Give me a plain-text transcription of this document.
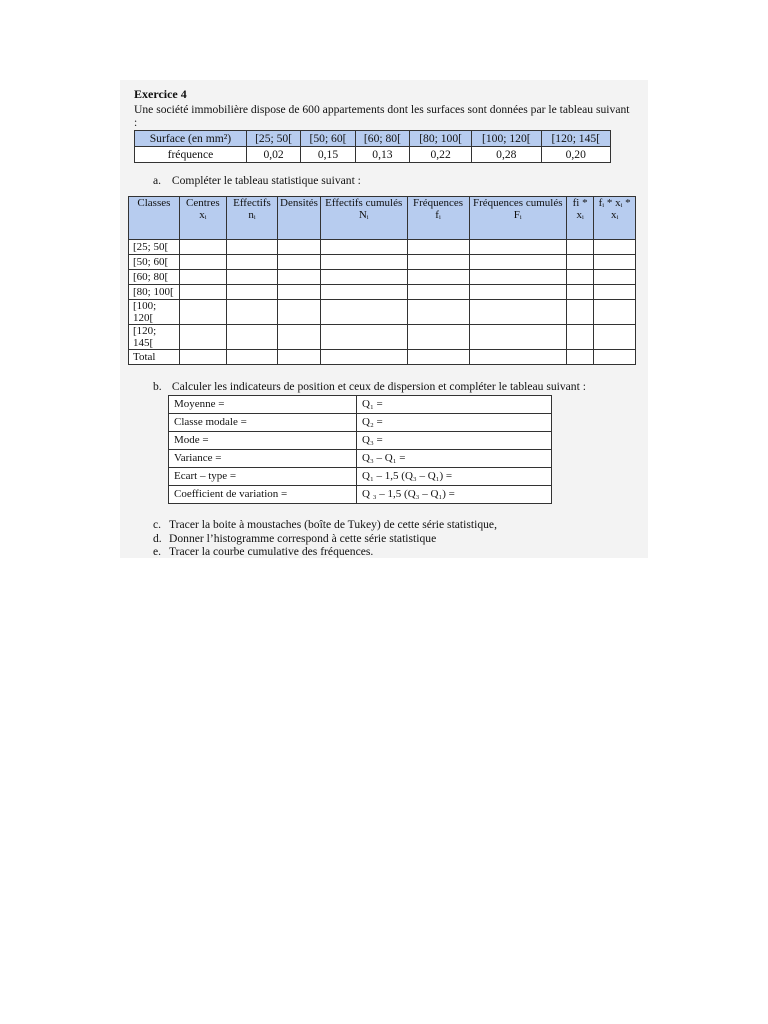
Exercice 4

Une société immobilière dispose de 600 appartements dont les surfaces sont données par le tableau suivant :

Surface (en mm²)	[25; 50[	[50; 60[	[60; 80[	[80; 100[	[100; 120[	[120; 145[
fréquence	0,02	0,15	0,13	0,22	0,28	0,20
a. Compléter le tableau statistique suivant :
Classes	Centres xᵢ	Effectifs nᵢ	Densités	Effectifs cumulés Nᵢ	Fréquences fᵢ	Fréquences cumulés Fᵢ	fi * xᵢ	fᵢ * xᵢ * xᵢ
[25; 50[								
[50; 60[								
[60; 80[								
[80; 100[								
[100; 120[								
[120; 145[								
Total								
b. Calculer les indicateurs de position et ceux de dispersion et compléter le tableau suivant :
Moyenne =	Q₁ =
Classe modale =	Q₂ =
Mode =	Q₃ =
Variance =	Q₃ – Q₁ =
Ecart – type =	Q₁ – 1,5 (Q₃ – Q₁) =
Coefficient de variation =	Q ₃ – 1,5 (Q₃ – Q₁) =
c. Tracer la boite à moustaches (boîte de Tukey) de cette série statistique,
d. Donner l’histogramme correspond à cette série statistique
e. Tracer la courbe cumulative des fréquences.
